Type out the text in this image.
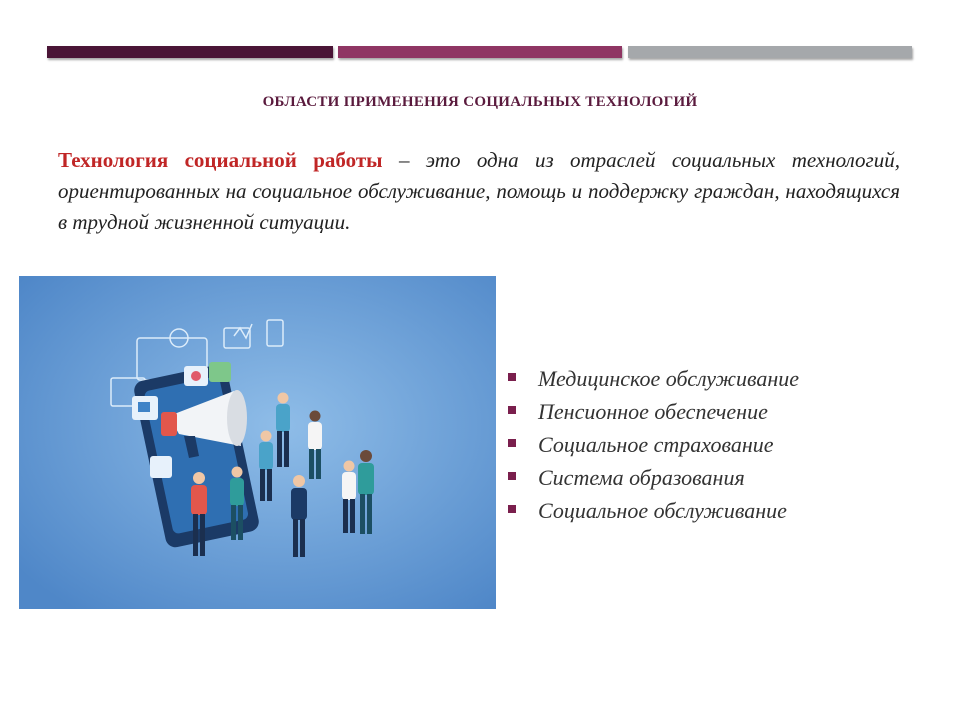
ОБЛАСТИ ПРИМЕНЕНИЯ СОЦИАЛЬНЫХ ТЕХНОЛОГИЙ
Технология социальной работы – это одна из отраслей социальных технологий, ориентированных на социальное обслуживание, помощь и поддержку граждан, находящихся в трудной жизненной ситуации.
Медицинское обслуживание
Пенсионное обеспечение
Социальное страхование
Система образования
Социальное обслуживание
